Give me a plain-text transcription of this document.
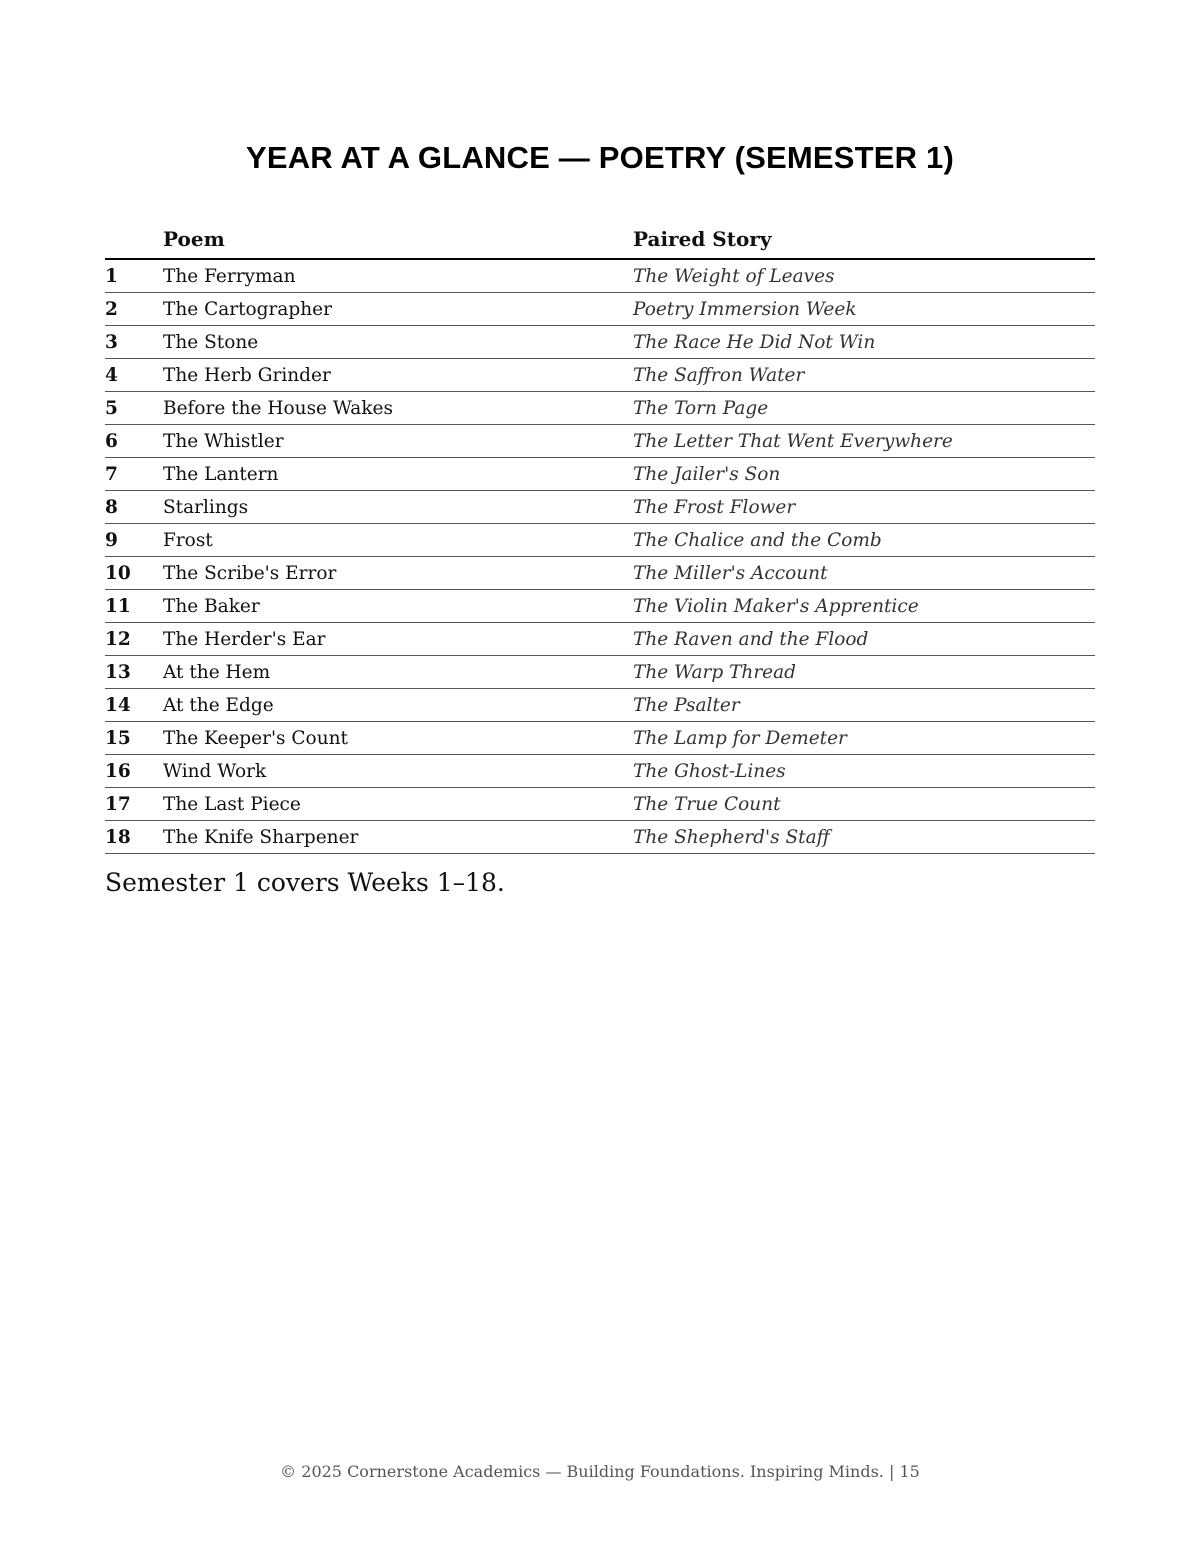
YEAR AT A GLANCE — POETRY (SEMESTER 1)
	Poem	Paired Story
1	The Ferryman	The Weight of Leaves
2	The Cartographer	Poetry Immersion Week
3	The Stone	The Race He Did Not Win
4	The Herb Grinder	The Saffron Water
5	Before the House Wakes	The Torn Page
6	The Whistler	The Letter That Went Everywhere
7	The Lantern	The Jailer's Son
8	Starlings	The Frost Flower
9	Frost	The Chalice and the Comb
10	The Scribe's Error	The Miller's Account
11	The Baker	The Violin Maker's Apprentice
12	The Herder's Ear	The Raven and the Flood
13	At the Hem	The Warp Thread
14	At the Edge	The Psalter
15	The Keeper's Count	The Lamp for Demeter
16	Wind Work	The Ghost-Lines
17	The Last Piece	The True Count
18	The Knife Sharpener	The Shepherd's Staff
Semester 1 covers Weeks 1–18.
© 2025 Cornerstone Academics — Building Foundations. Inspiring Minds. | 15
